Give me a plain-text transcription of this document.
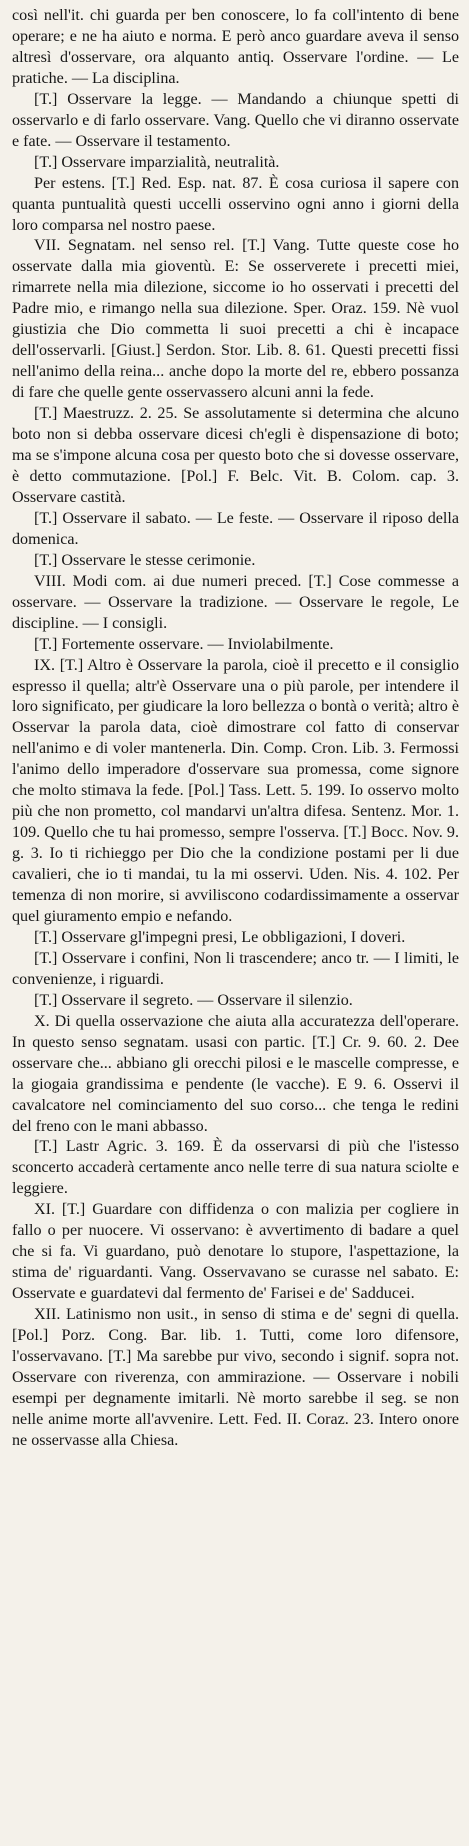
così nell'it. chi guarda per ben conoscere, lo fa coll'intento di bene operare; e ne ha aiuto e norma. E però anco guardare aveva il senso altresì d'osservare, ora alquanto antiq. Osservare l'ordine. — Le pratiche. — La disciplina.

[T.] Osservare la legge. — Mandando a chiunque spetti di osservarlo e di farlo osservare. Vang. Quello che vi diranno osservate e fate. — Osservare il testamento.

[T.] Osservare imparzialità, neutralità.

Per estens. [T.] Red. Esp. nat. 87. È cosa curiosa il sapere con quanta puntualità questi uccelli osservino ogni anno i giorni della loro comparsa nel nostro paese.

VII. Segnatam. nel senso rel. [T.] Vang. Tutte queste cose ho osservate dalla mia gioventù. E: Se osserverete i precetti miei, rimarrete nella mia dilezione, siccome io ho osservati i precetti del Padre mio, e rimango nella sua dilezione. Sper. Oraz. 159. Nè vuol giustizia che Dio commetta li suoi precetti a chi è incapace dell'osservarli. [Giust.] Serdon. Stor. Lib. 8. 61. Questi precetti fissi nell'animo della reina... anche dopo la morte del re, ebbero possanza di fare che quelle gente osservassero alcuni anni la fede.

[T.] Maestruzz. 2. 25. Se assolutamente si determina che alcuno boto non si debba osservare dicesi ch'egli è dispensazione di boto; ma se s'impone alcuna cosa per questo boto che si dovesse osservare, è detto commutazione. [Pol.] F. Belc. Vit. B. Colom. cap. 3. Osservare castità.

[T.] Osservare il sabato. — Le feste. — Osservare il riposo della domenica.

[T.] Osservare le stesse cerimonie.

VIII. Modi com. ai due numeri preced. [T.] Cose commesse a osservare. — Osservare la tradizione. — Osservare le regole, Le discipline. — I consigli.

[T.] Fortemente osservare. — Inviolabilmente.

IX. [T.] Altro è Osservare la parola, cioè il precetto e il consiglio espresso il quella; altr'è Osservare una o più parole, per intendere il loro significato, per giudicare la loro bellezza o bontà o verità; altro è Osservar la parola data, cioè dimostrare col fatto di conservar nell'animo e di voler mantenerla. Din. Comp. Cron. Lib. 3. Fermossi l'animo dello imperadore d'osservare sua promessa, come signore che molto stimava la fede. [Pol.] Tass. Lett. 5. 199. Io osservo molto più che non prometto, col mandarvi un'altra difesa. Sentenz. Mor. 1. 109. Quello che tu hai promesso, sempre l'osserva. [T.] Bocc. Nov. 9. g. 3. Io ti richieggo per Dio che la condizione postami per li due cavalieri, che io ti mandai, tu la mi osservi. Uden. Nis. 4. 102. Per temenza di non morire, si avviliscono codardissimamente a osservar quel giuramento empio e nefando.

[T.] Osservare gl'impegni presi, Le obbligazioni, I doveri.

[T.] Osservare i confini, Non li trascendere; anco tr. — I limiti, le convenienze, i riguardi.

[T.] Osservare il segreto. — Osservare il silenzio.

X. Di quella osservazione che aiuta alla accuratezza dell'operare. In questo senso segnatam. usasi con partic. [T.] Cr. 9. 60. 2. Dee osservare che... abbiano gli orecchi pilosi e le mascelle compresse, e la giogaia grandissima e pendente (le vacche). E 9. 6. Osservi il cavalcatore nel cominciamento del suo corso... che tenga le redini del freno con le mani abbasso.

[T.] Lastr Agric. 3. 169. È da osservarsi di più che l'istesso sconcerto accaderà certamente anco nelle terre di sua natura sciolte e leggiere.

XI. [T.] Guardare con diffidenza o con malizia per cogliere in fallo o per nuocere. Vi osservano: è avvertimento di badare a quel che si fa. Vi guardano, può denotare lo stupore, l'aspettazione, la stima de' riguardanti. Vang. Osservavano se curasse nel sabato. E: Osservate e guardatevi dal fermento de' Farisei e de' Sadducei.

XII. Latinismo non usit., in senso di stima e de' segni di quella. [Pol.] Porz. Cong. Bar. lib. 1. Tutti, come loro difensore, l'osservavano. [T.] Ma sarebbe pur vivo, secondo i signif. sopra not. Osservare con riverenza, con ammirazione. — Osservare i nobili esempi per degnamente imitarli. Nè morto sarebbe il seg. se non nelle anime morte all'avvenire. Lett. Fed. II. Coraz. 23. Intero onore ne osservasse alla Chiesa.
